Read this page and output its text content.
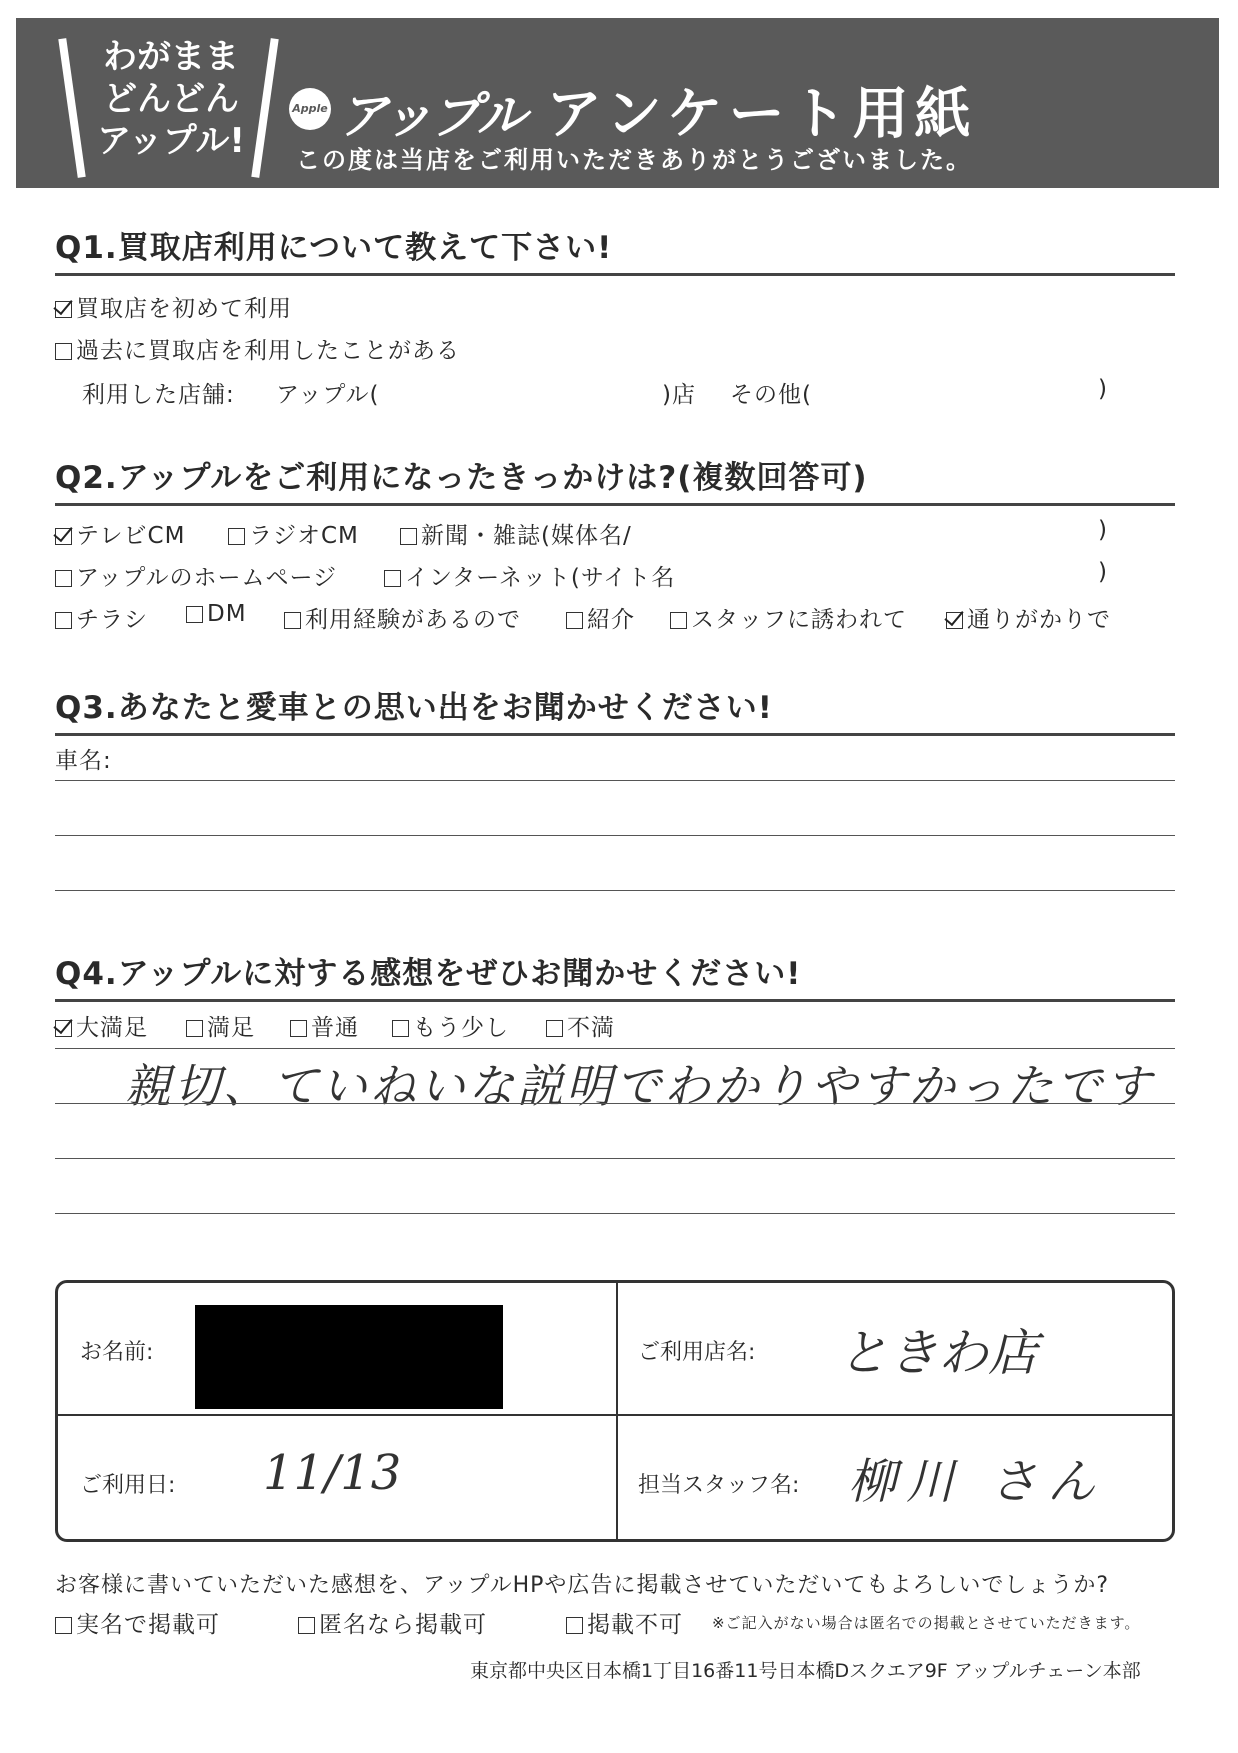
わがまま
どんどん
アップル!
Apple アップル アンケート用紙
この度は当店をご利用いただきありがとうございました。
Q1.買取店利用について教えて下さい!
買取店を初めて利用
過去に買取店を利用したことがある
利用した店舗: アップル(	)店 その他(	)
Q2.アップルをご利用になったきっかけは?(複数回答可)
テレビCM	ラジオCM	新聞・雑誌(媒体名/	)
アップルのホームページ	インターネット(サイト名	)
チラシ	DM	利用経験があるので	紹介	スタッフに誘われて	通りがかりで
Q3.あなたと愛車との思い出をお聞かせください!
車名:
Q4.アップルに対する感想をぜひお聞かせください!
大満足	満足	普通	もう少し	不満
親切、ていねいな説明でわかりやすかったです
お名前:	ご利用店名: ときわ店
ご利用日: 11/13	担当スタッフ名: 柳川 さん
お客様に書いていただいた感想を、アップルHPや広告に掲載させていただいてもよろしいでしょうか?
実名で掲載可	匿名なら掲載可	掲載不可 ※ご記入がない場合は匿名での掲載とさせていただきます。
東京都中央区日本橋1丁目16番11号日本橋Dスクエア9F アップルチェーン本部
